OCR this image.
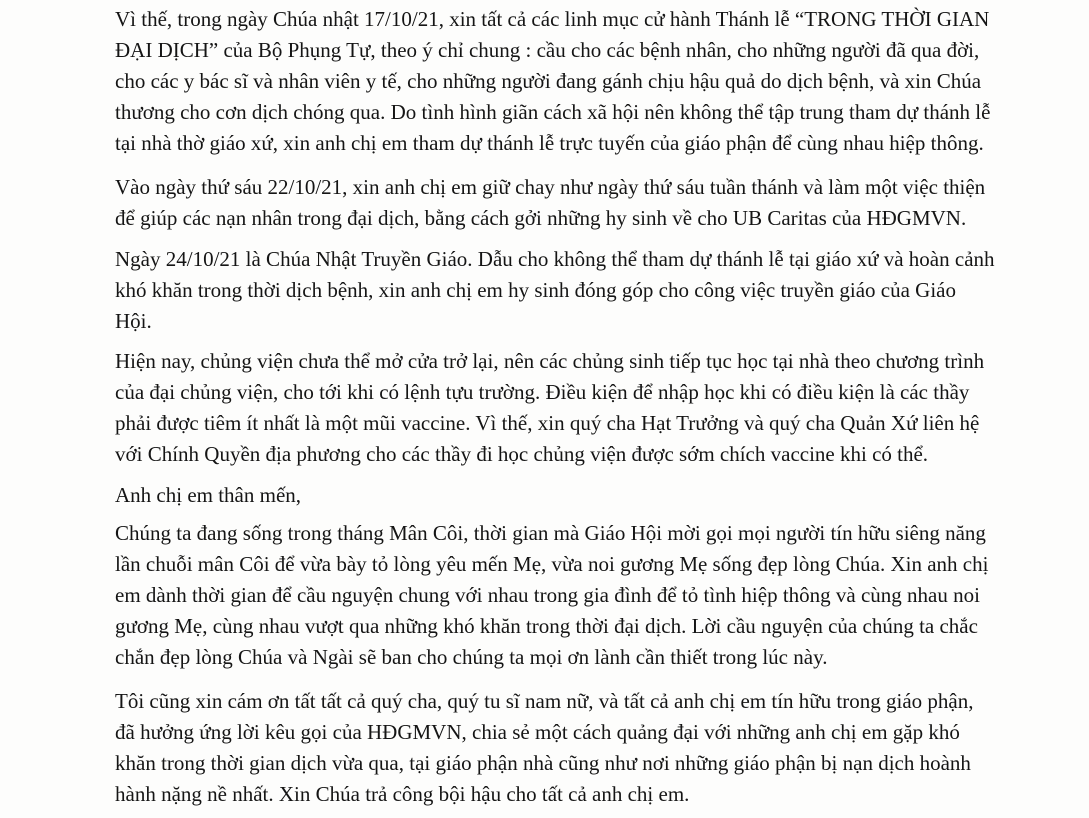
Vì thế, trong ngày Chúa nhật 17/10/21, xin tất cả các linh mục cử hành Thánh lễ “TRONG THỜI GIAN
ĐẠI DỊCH” của Bộ Phụng Tự, theo ý chỉ chung : cầu cho các bệnh nhân, cho những người đã qua đời,
cho các y bác sĩ và nhân viên y tế, cho những người đang gánh chịu hậu quả do dịch bệnh, và xin Chúa
thương cho cơn dịch chóng qua. Do tình hình giãn cách xã hội nên không thể tập trung tham dự thánh lễ
tại nhà thờ giáo xứ, xin anh chị em tham dự thánh lễ trực tuyến của giáo phận để cùng nhau hiệp thông.
Vào ngày thứ sáu 22/10/21, xin anh chị em giữ chay như ngày thứ sáu tuần thánh và làm một việc thiện
để giúp các nạn nhân trong đại dịch, bằng cách gởi những hy sinh về cho UB Caritas của HĐGMVN.
Ngày 24/10/21 là Chúa Nhật Truyền Giáo. Dẫu cho không thể tham dự thánh lễ tại giáo xứ và hoàn cảnh
khó khăn trong thời dịch bệnh, xin anh chị em hy sinh đóng góp cho công việc truyền giáo của Giáo
Hội.
Hiện nay, chủng viện chưa thể mở cửa trở lại, nên các chủng sinh tiếp tục học tại nhà theo chương trình
của đại chủng viện, cho tới khi có lệnh tựu trường. Điều kiện để nhập học khi có điều kiện là các thầy
phải được tiêm ít nhất là một mũi vaccine. Vì thế, xin quý cha Hạt Trưởng và quý cha Quản Xứ liên hệ
với Chính Quyền địa phương cho các thầy đi học chủng viện được sớm chích vaccine khi có thể.
Anh chị em thân mến,
Chúng ta đang sống trong tháng Mân Côi, thời gian mà Giáo Hội mời gọi mọi người tín hữu siêng năng
lần chuỗi mân Côi để vừa bày tỏ lòng yêu mến Mẹ, vừa noi gương Mẹ sống đẹp lòng Chúa. Xin anh chị
em dành thời gian để cầu nguyện chung với nhau trong gia đình để tỏ tình hiệp thông và cùng nhau noi
gương Mẹ, cùng nhau vượt qua những khó khăn trong thời đại dịch. Lời cầu nguyện của chúng ta chắc
chắn đẹp lòng Chúa và Ngài sẽ ban cho chúng ta mọi ơn lành cần thiết trong lúc này.
Tôi cũng xin cám ơn tất tất cả quý cha, quý tu sĩ nam nữ, và tất cả anh chị em tín hữu trong giáo phận,
đã hưởng ứng lời kêu gọi của HĐGMVN, chia sẻ một cách quảng đại với những anh chị em gặp khó
khăn trong thời gian dịch vừa qua, tại giáo phận nhà cũng như nơi những giáo phận bị nạn dịch hoành
hành nặng nề nhất. Xin Chúa trả công bội hậu cho tất cả anh chị em.
